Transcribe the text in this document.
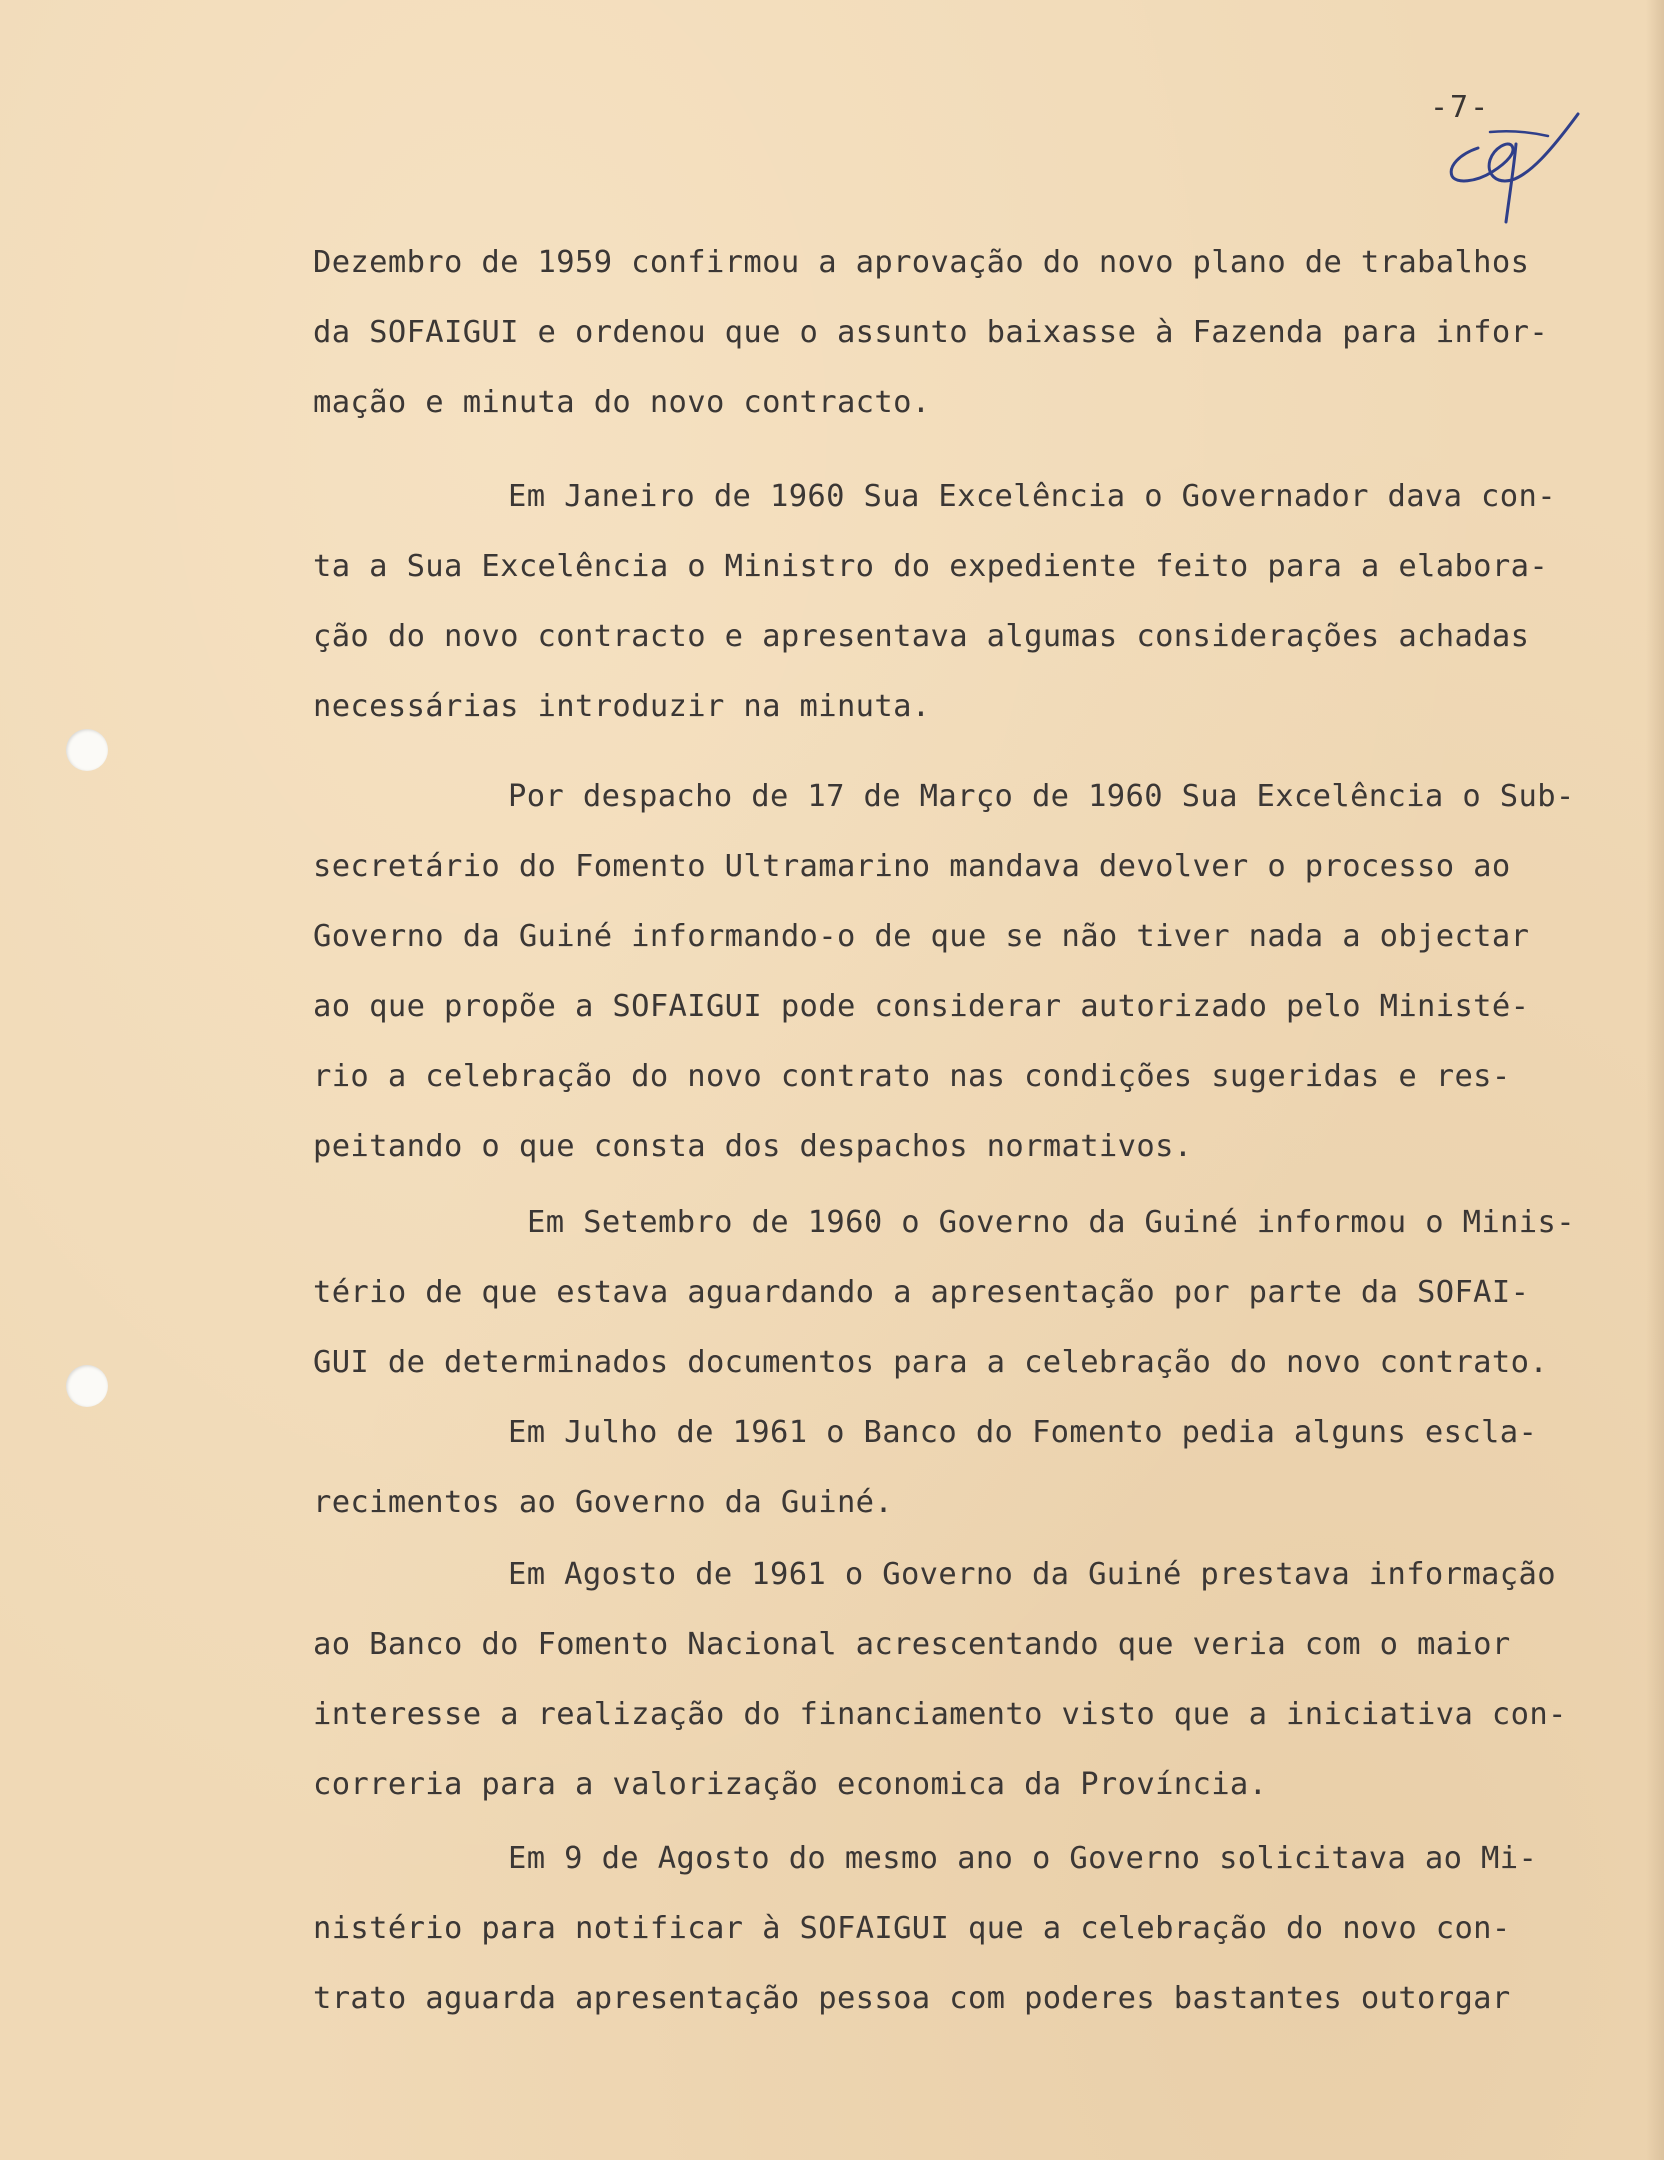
-7-
Dezembro de 1959 confirmou a aprovação do novo plano de trabalhos
da SOFAIGUI e ordenou que o assunto baixasse à Fazenda para infor-
mação e minuta do novo contracto.
Em Janeiro de 1960 Sua Excelência o Governador dava con-
ta a Sua Excelência o Ministro do expediente feito para a elabora-
ção do novo contracto e apresentava algumas considerações achadas
necessárias introduzir na minuta.
Por despacho de 17 de Março de 1960 Sua Excelência o Sub-
secretário do Fomento Ultramarino mandava devolver o processo ao
Governo da Guiné informando-o de que se não tiver nada a objectar
ao que propõe a SOFAIGUI pode considerar autorizado pelo Ministé-
rio a celebração do novo contrato nas condições sugeridas e res-
peitando o que consta dos despachos normativos.
Em Setembro de 1960 o Governo da Guiné informou o Minis-
tério de que estava aguardando a apresentação por parte da SOFAI-
GUI de determinados documentos para a celebração do novo contrato.
Em Julho de 1961 o Banco do Fomento pedia alguns escla-
recimentos ao Governo da Guiné.
Em Agosto de 1961 o Governo da Guiné prestava informação
ao Banco do Fomento Nacional acrescentando que veria com o maior
interesse a realização do financiamento visto que a iniciativa con-
correria para a valorização economica da Província.
Em 9 de Agosto do mesmo ano o Governo solicitava ao Mi-
nistério para notificar à SOFAIGUI que a celebração do novo con-
trato aguarda apresentação pessoa com poderes bastantes outorgar
